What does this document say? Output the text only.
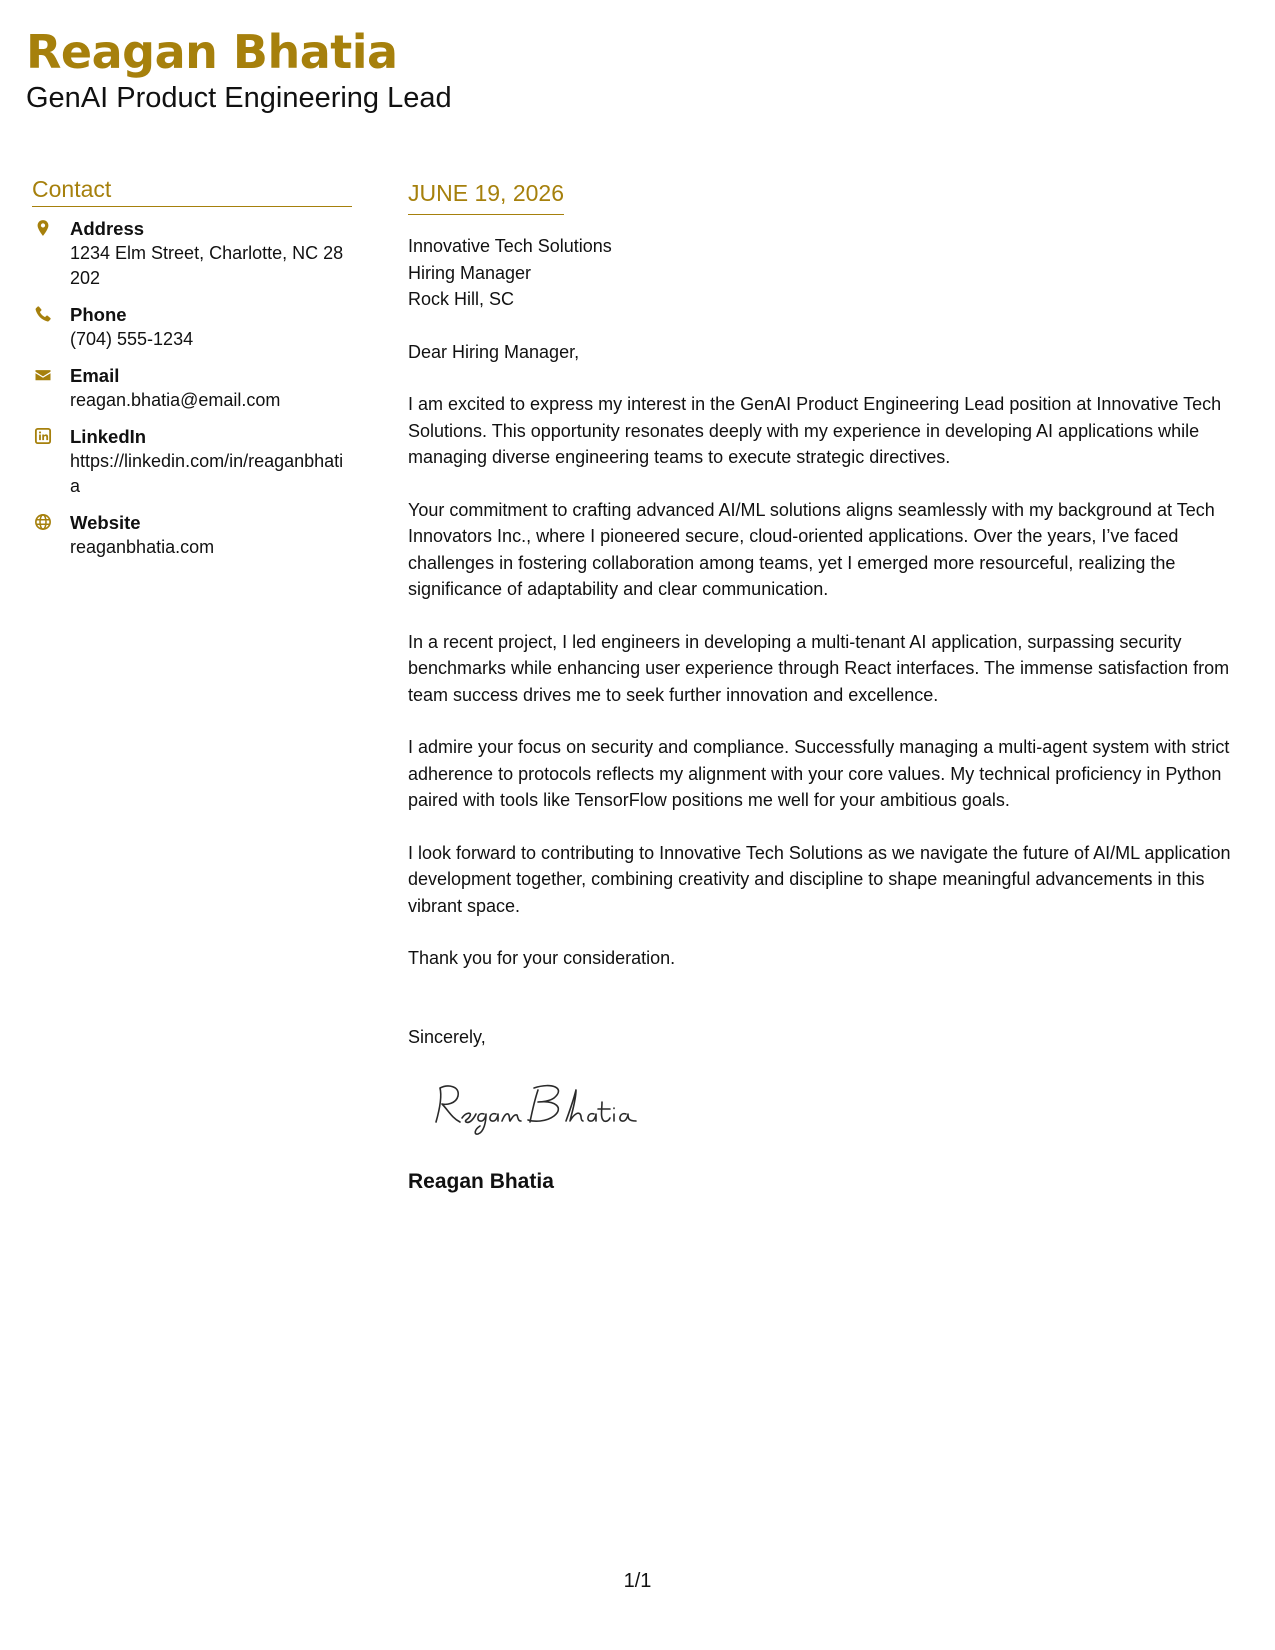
Reagan Bhatia
GenAI Product Engineering Lead
Contact
Address
1234 Elm Street, Charlotte, NC 28202
Phone
(704) 555-1234
Email
reagan.bhatia@email.com
LinkedIn
https://linkedin.com/in/reaganbhatia
Website
reaganbhatia.com
JUNE 19, 2026
Innovative Tech Solutions
Hiring Manager
Rock Hill, SC

Dear Hiring Manager,

I am excited to express my interest in the GenAI Product Engineering Lead position at Innovative Tech Solutions. This opportunity resonates deeply with my experience in developing AI applications while managing diverse engineering teams to execute strategic directives.

Your commitment to crafting advanced AI/ML solutions aligns seamlessly with my background at Tech Innovators Inc., where I pioneered secure, cloud-oriented applications. Over the years, I’ve faced challenges in fostering collaboration among teams, yet I emerged more resourceful, realizing the significance of adaptability and clear communication.

In a recent project, I led engineers in developing a multi-tenant AI application, surpassing security benchmarks while enhancing user experience through React interfaces. The immense satisfaction from team success drives me to seek further innovation and excellence.

I admire your focus on security and compliance. Successfully managing a multi-agent system with strict adherence to protocols reflects my alignment with your core values. My technical proficiency in Python paired with tools like TensorFlow positions me well for your ambitious goals.

I look forward to contributing to Innovative Tech Solutions as we navigate the future of AI/ML application development together, combining creativity and discipline to shape meaningful advancements in this vibrant space.

Thank you for your consideration.

Sincerely,

Reagan Bhatia
1/1
